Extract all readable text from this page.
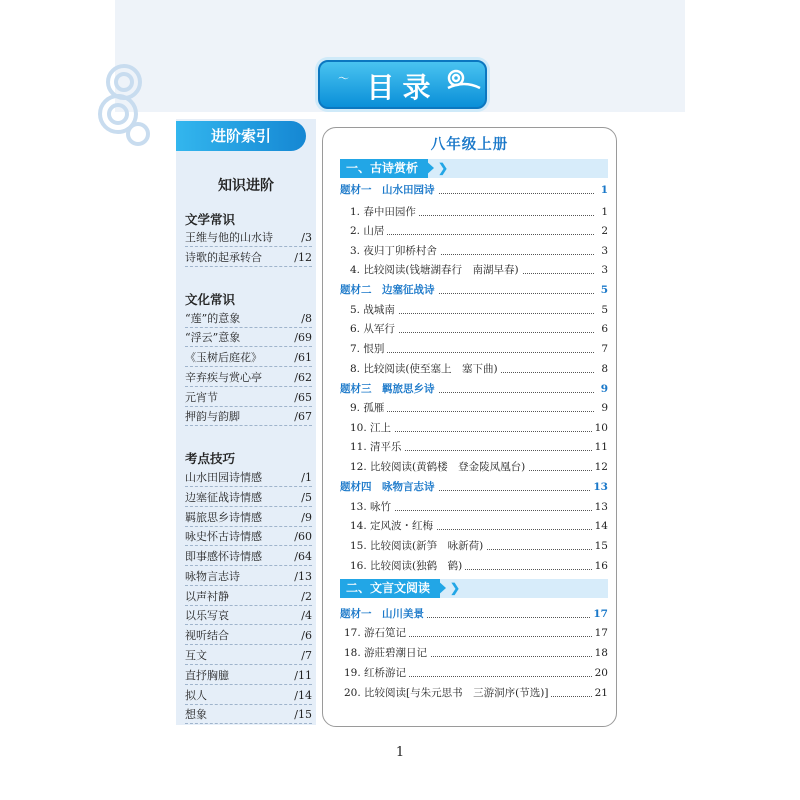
目录
〜
进阶索引
知识进阶
文学常识
王维与他的山水诗	/3
诗歌的起承转合	/12
文化常识
“莲”的意象	/8
“浮云”意象	/69
《玉树后庭花》	/61
辛弃疾与赏心亭	/62
元宵节	/65
押韵与韵脚	/67
考点技巧
山水田园诗情感	/1
边塞征战诗情感	/5
羁旅思乡诗情感	/9
咏史怀古诗情感	/60
即事感怀诗情感	/64
咏物言志诗	/13
以声衬静	/2
以乐写哀	/4
视听结合	/6
互文	/7
直抒胸臆	/11
拟人	/14
想象	/15
八年级上册
一、古诗赏析	❯
二、文言文阅读	❯
题材一　山水田园诗	1
1. 春中田园作	1
2. 山居	2
3. 夜归丁卯桥村舍	3
4. 比较阅读(钱塘湖春行　南湖早春)	3
题材二　边塞征战诗	5
5. 战城南	5
6. 从军行	6
7. 恨别	7
8. 比较阅读(使至塞上　塞下曲)	8
题材三　羁旅思乡诗	9
9. 孤雁	9
10. 江上	10
11. 清平乐	11
12. 比较阅读(黄鹤楼　登金陵凤凰台)	12
题材四　咏物言志诗	13
13. 咏竹	13
14. 定风波・红梅	14
15. 比较阅读(新笋　咏新荷)	15
16. 比较阅读(独鹤　鹤)	16
题材一　山川美景	17
17. 游石笕记	17
18. 游莊碧潮日记	18
19. 红桥游记	20
20. 比较阅读[与朱元思书　三游洞序(节选)]	21
1
